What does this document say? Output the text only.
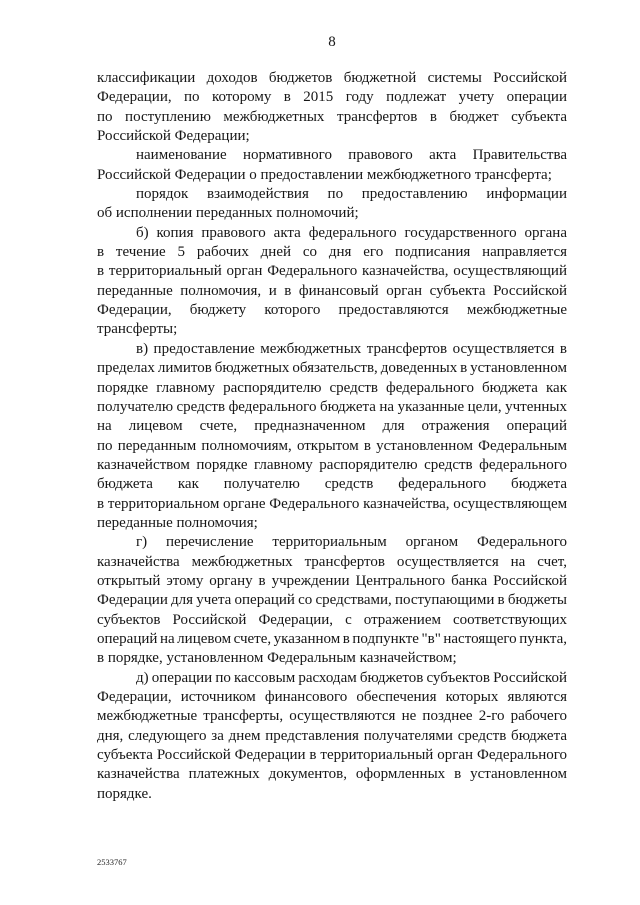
8
классификации доходов бюджетов бюджетной системы Российской
Федерации, по которому в 2015 году подлежат учету операции
по поступлению межбюджетных трансфертов в бюджет субъекта
Российской Федерации;
наименование нормативного правового акта Правительства
Российской Федерации о предоставлении межбюджетного трансферта;
порядок взаимодействия по предоставлению информации
об исполнении переданных полномочий;
б) копия правового акта федерального государственного органа
в течение 5 рабочих дней со дня его подписания направляется
в территориальный орган Федерального казначейства, осуществляющий
переданные полномочия, и в финансовый орган субъекта Российской
Федерации, бюджету которого предоставляются межбюджетные
трансферты;
в) предоставление межбюджетных трансфертов осуществляется в
пределах лимитов бюджетных обязательств, доведенных в установленном
порядке главному распорядителю средств федерального бюджета как
получателю средств федерального бюджета на указанные цели, учтенных
на лицевом счете, предназначенном для отражения операций
по переданным полномочиям, открытом в установленном Федеральным
казначейством порядке главному распорядителю средств федерального
бюджета как получателю средств федерального бюджета
в территориальном органе Федерального казначейства, осуществляющем
переданные полномочия;
г) перечисление территориальным органом Федерального
казначейства межбюджетных трансфертов осуществляется на счет,
открытый этому органу в учреждении Центрального банка Российской
Федерации для учета операций со средствами, поступающими в бюджеты
субъектов Российской Федерации, с отражением соответствующих
операций на лицевом счете, указанном в подпункте "в" настоящего пункта,
в порядке, установленном Федеральным казначейством;
д) операции по кассовым расходам бюджетов субъектов Российской
Федерации, источником финансового обеспечения которых являются
межбюджетные трансферты, осуществляются не позднее 2-го рабочего
дня, следующего за днем представления получателями средств бюджета
субъекта Российской Федерации в территориальный орган Федерального
казначейства платежных документов, оформленных в установленном
порядке.
2533767
